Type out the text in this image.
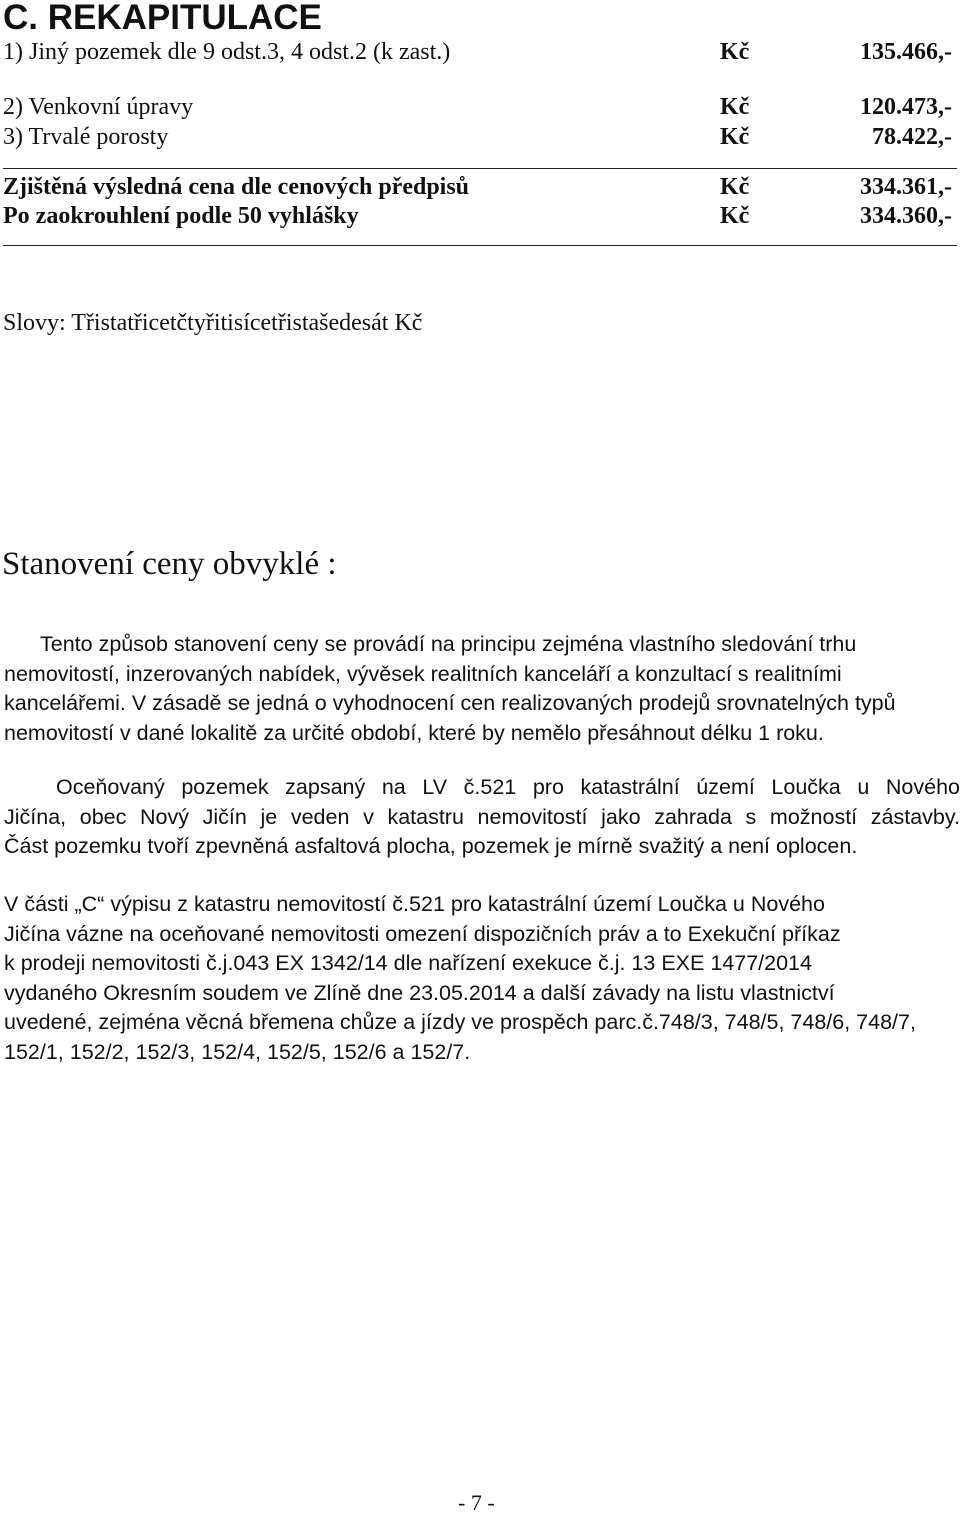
C. REKAPITULACE
1) Jiný pozemek dle 9 odst.3, 4 odst.2 (k zast.)	Kč	135.466,-
2) Venkovní úpravy	Kč	120.473,-
3) Trvalé porosty	Kč	78.422,-
Zjištěná výsledná cena dle cenových předpisů	Kč	334.361,-
Po zaokrouhlení podle 50 vyhlášky	Kč	334.360,-
Slovy: Třistatřicetčtyřitisícetřistašedesát Kč
Stanovení ceny obvyklé :
Tento způsob stanovení ceny se provádí na principu zejména vlastního sledování trhu
nemovitostí, inzerovaných nabídek, vývěsek realitních kanceláří a konzultací s realitními
kancelářemi. V zásadě se jedná o vyhodnocení cen realizovaných prodejů srovnatelných typů
nemovitostí v dané lokalitě za určité období, které by nemělo přesáhnout délku 1 roku.
Oceňovaný pozemek zapsaný na LV č.521 pro katastrální území Loučka u Nového
Jičína, obec Nový Jičín je veden v katastru nemovitostí jako zahrada s možností zástavby.
Část pozemku tvoří zpevněná asfaltová plocha, pozemek je mírně svažitý a není oplocen.
V části „C“ výpisu z katastru nemovitostí č.521 pro katastrální území Loučka u Nového
Jičína vázne na oceňované nemovitosti omezení dispozičních práv a to Exekuční příkaz
k prodeji nemovitosti č.j.043 EX 1342/14 dle nařízení exekuce č.j. 13 EXE 1477/2014
vydaného Okresním soudem ve Zlíně dne 23.05.2014 a další závady na listu vlastnictví
uvedené, zejména věcná břemena chůze a jízdy ve prospěch parc.č.748/3, 748/5, 748/6, 748/7,
152/1, 152/2, 152/3, 152/4, 152/5, 152/6 a 152/7.
- 7 -
